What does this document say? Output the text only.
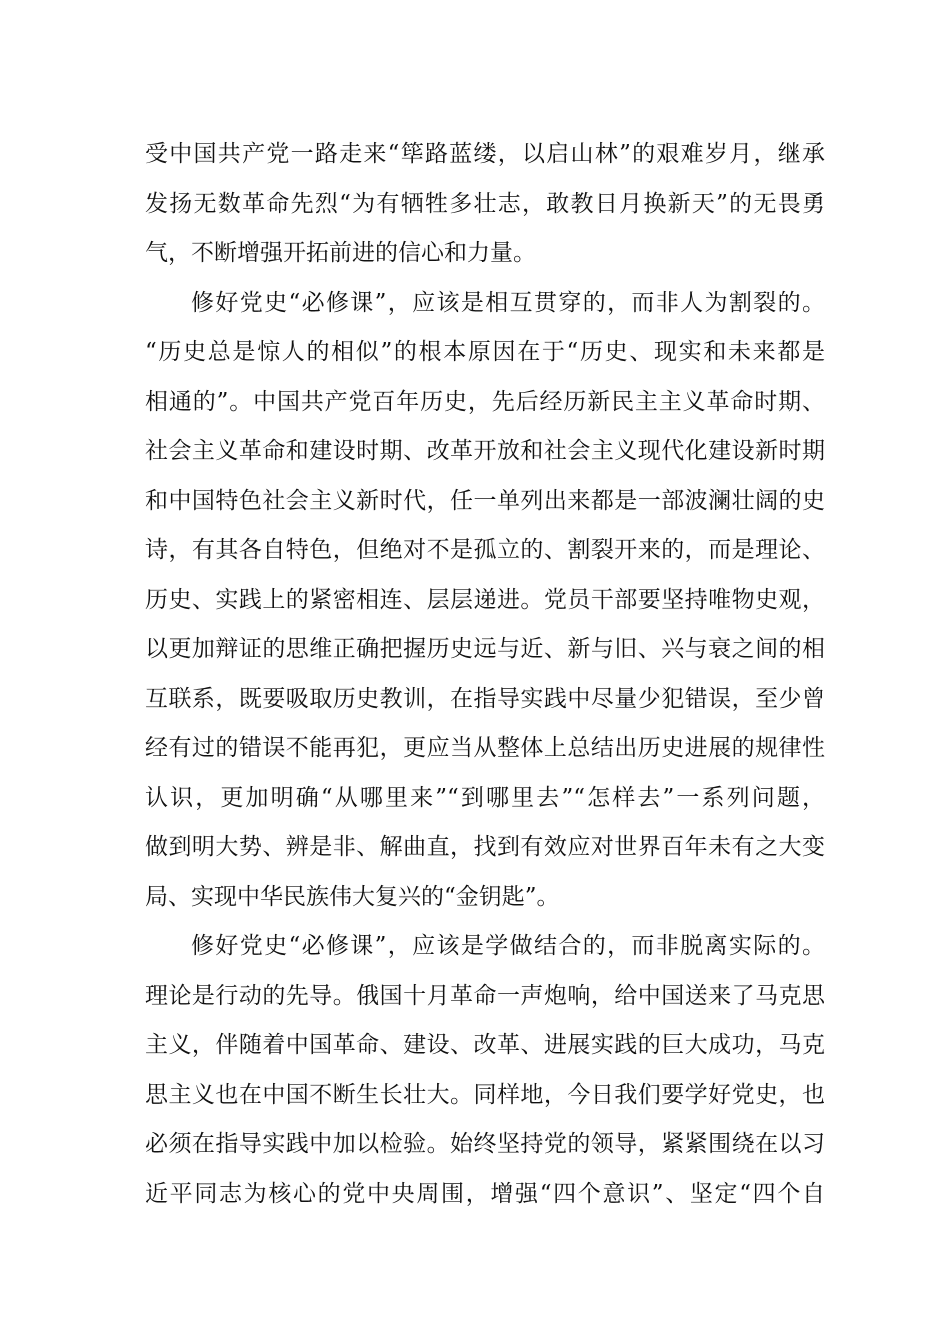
受中国共产党一路走来“筚路蓝缕，以启山林”的艰难岁月，继承
发扬无数革命先烈“为有牺牲多壮志，敢教日月换新天”的无畏勇
气，不断增强开拓前进的信心和力量。
修好党史“必修课”，应该是相互贯穿的，而非人为割裂的。
“历史总是惊人的相似”的根本原因在于“历史、现实和未来都是
相通的”。中国共产党百年历史，先后经历新民主主义革命时期、
社会主义革命和建设时期、改革开放和社会主义现代化建设新时期
和中国特色社会主义新时代，任一单列出来都是一部波澜壮阔的史
诗，有其各自特色，但绝对不是孤立的、割裂开来的，而是理论、
历史、实践上的紧密相连、层层递进。党员干部要坚持唯物史观，
以更加辩证的思维正确把握历史远与近、新与旧、兴与衰之间的相
互联系，既要吸取历史教训，在指导实践中尽量少犯错误，至少曾
经有过的错误不能再犯，更应当从整体上总结出历史进展的规律性
认识，更加明确“从哪里来”“到哪里去”“怎样去”一系列问题，
做到明大势、辨是非、解曲直，找到有效应对世界百年未有之大变
局、实现中华民族伟大复兴的“金钥匙”。
修好党史“必修课”，应该是学做结合的，而非脱离实际的。
理论是行动的先导。俄国十月革命一声炮响，给中国送来了马克思
主义，伴随着中国革命、建设、改革、进展实践的巨大成功，马克
思主义也在中国不断生长壮大。同样地，今日我们要学好党史，也
必须在指导实践中加以检验。始终坚持党的领导，紧紧围绕在以习
近平同志为核心的党中央周围，增强“四个意识”、坚定“四个自
